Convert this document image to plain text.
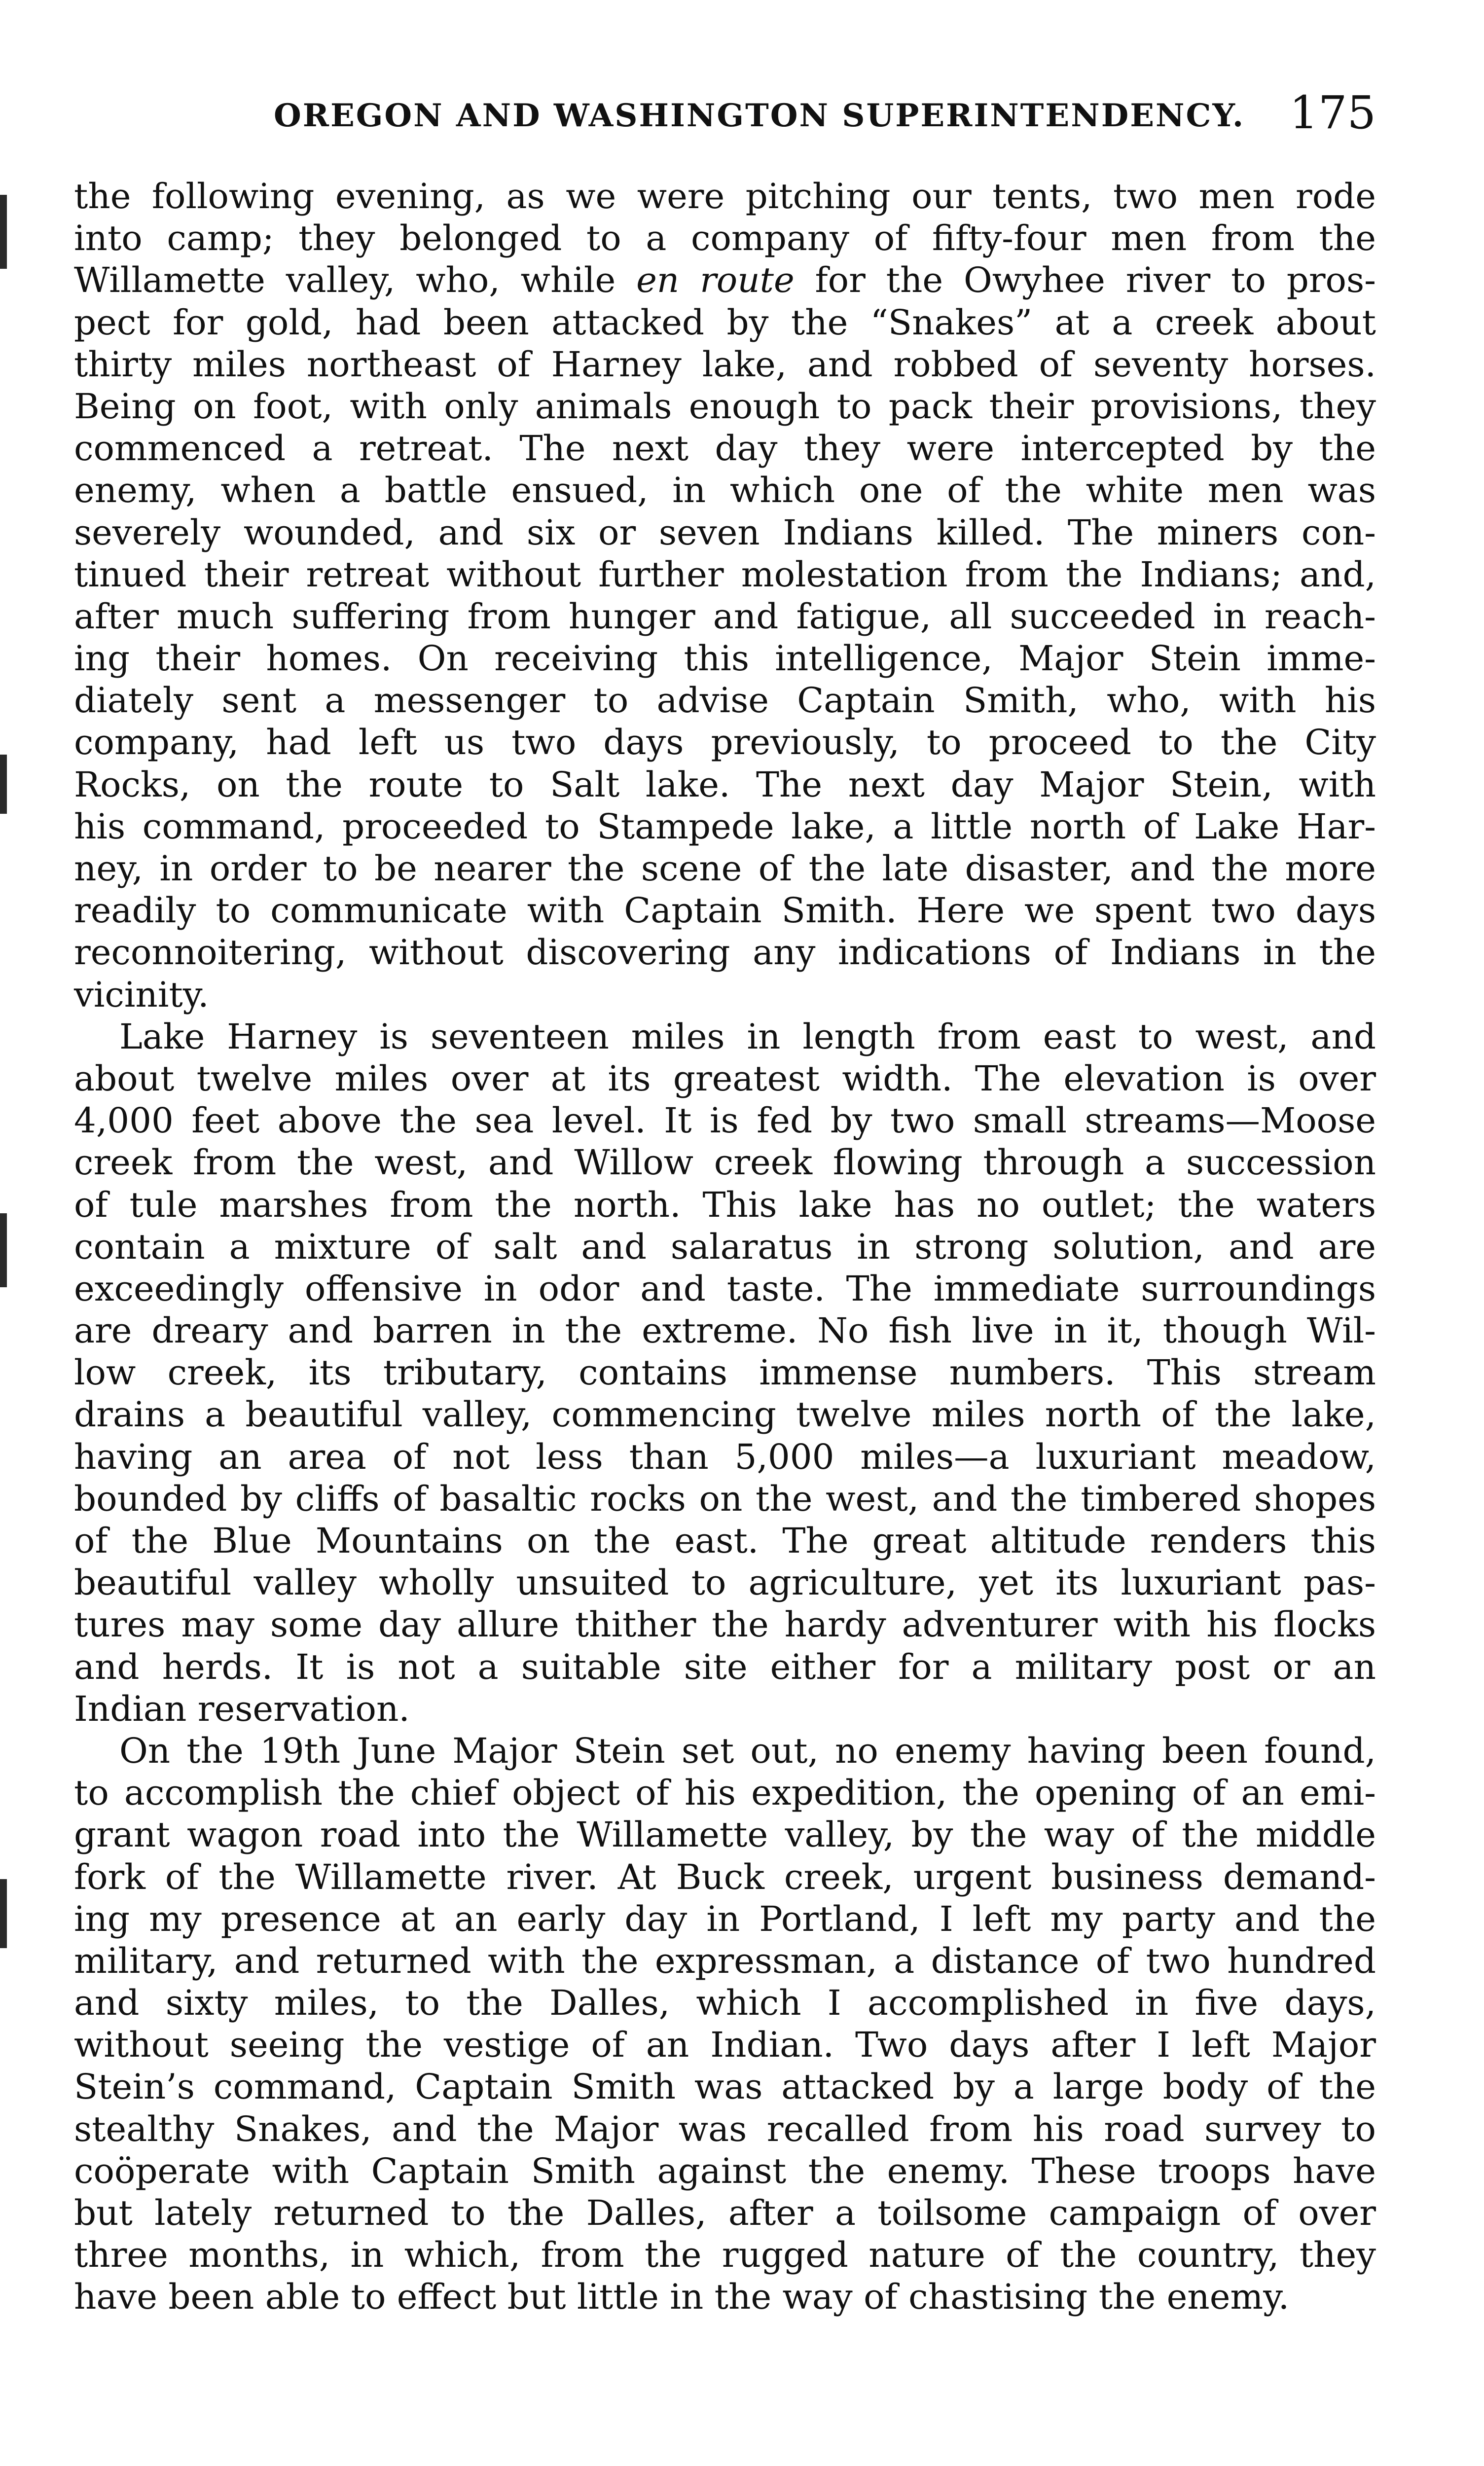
OREGON AND WASHINGTON SUPERINTENDENCY. 175
the following evening, as we were pitching our tents, two men rode
into camp; they belonged to a company of fifty-four men from the
Willamette valley, who, while en route for the Owyhee river to pros-
pect for gold, had been attacked by the “Snakes” at a creek about
thirty miles northeast of Harney lake, and robbed of seventy horses.
Being on foot, with only animals enough to pack their provisions, they
commenced a retreat. The next day they were intercepted by the
enemy, when a battle ensued, in which one of the white men was
severely wounded, and six or seven Indians killed. The miners con-
tinued their retreat without further molestation from the Indians; and,
after much suffering from hunger and fatigue, all succeeded in reach-
ing their homes. On receiving this intelligence, Major Stein imme-
diately sent a messenger to advise Captain Smith, who, with his
company, had left us two days previously, to proceed to the City
Rocks, on the route to Salt lake. The next day Major Stein, with
his command, proceeded to Stampede lake, a little north of Lake Har-
ney, in order to be nearer the scene of the late disaster, and the more
readily to communicate with Captain Smith. Here we spent two days
reconnoitering, without discovering any indications of Indians in the
vicinity.
Lake Harney is seventeen miles in length from east to west, and
about twelve miles over at its greatest width. The elevation is over
4,000 feet above the sea level. It is fed by two small streams—Moose
creek from the west, and Willow creek flowing through a succession
of tule marshes from the north. This lake has no outlet; the waters
contain a mixture of salt and salaratus in strong solution, and are
exceedingly offensive in odor and taste. The immediate surroundings
are dreary and barren in the extreme. No fish live in it, though Wil-
low creek, its tributary, contains immense numbers. This stream
drains a beautiful valley, commencing twelve miles north of the lake,
having an area of not less than 5,000 miles—a luxuriant meadow,
bounded by cliffs of basaltic rocks on the west, and the timbered shopes
of the Blue Mountains on the east. The great altitude renders this
beautiful valley wholly unsuited to agriculture, yet its luxuriant pas-
tures may some day allure thither the hardy adventurer with his flocks
and herds. It is not a suitable site either for a military post or an
Indian reservation.
On the 19th June Major Stein set out, no enemy having been found,
to accomplish the chief object of his expedition, the opening of an emi-
grant wagon road into the Willamette valley, by the way of the middle
fork of the Willamette river. At Buck creek, urgent business demand-
ing my presence at an early day in Portland, I left my party and the
military, and returned with the expressman, a distance of two hundred
and sixty miles, to the Dalles, which I accomplished in five days,
without seeing the vestige of an Indian. Two days after I left Major
Stein’s command, Captain Smith was attacked by a large body of the
stealthy Snakes, and the Major was recalled from his road survey to
coöperate with Captain Smith against the enemy. These troops have
but lately returned to the Dalles, after a toilsome campaign of over
three months, in which, from the rugged nature of the country, they
have been able to effect but little in the way of chastising the enemy.
